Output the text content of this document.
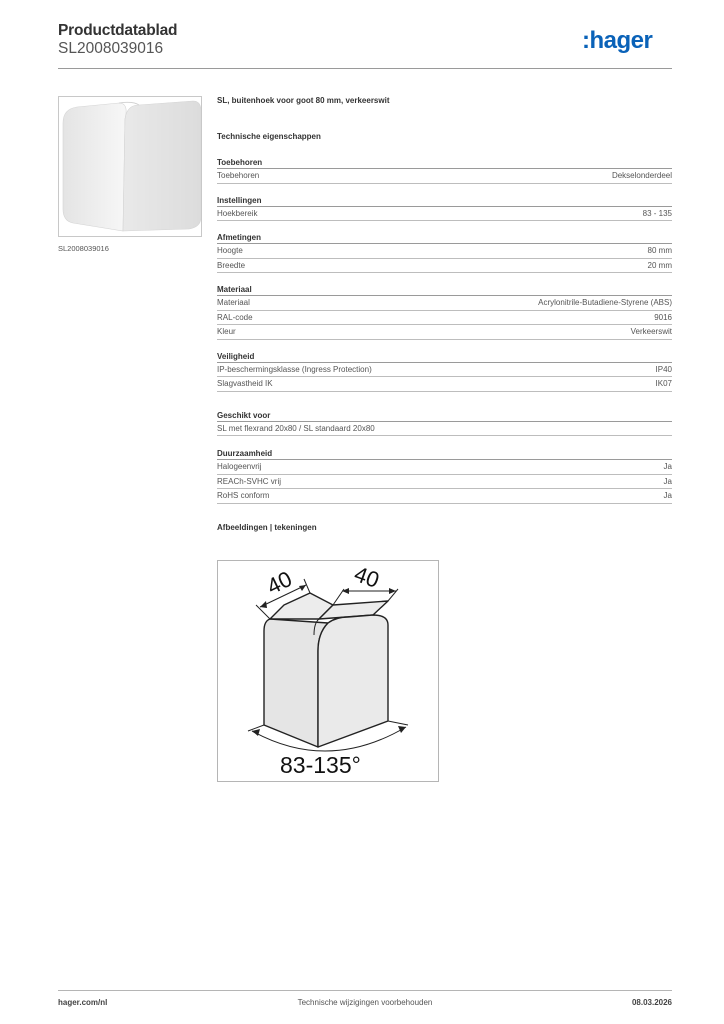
Productdatablad
SL2008039016	:hager
SL2008039016
SL, buitenhoek voor goot 80 mm, verkeerswit
Technische eigenschappen
Toebehoren
Toebehoren	Dekselonderdeel
Instellingen
Hoekbereik	83 - 135
Afmetingen
Hoogte	80 mm
Breedte	20 mm
Materiaal
Materiaal	Acrylonitrile-Butadiene-Styrene (ABS)
RAL-code	9016
Kleur	Verkeerswit
Veiligheid
IP-beschermingsklasse (Ingress Protection)	IP40
Slagvastheid IK	IK07
Geschikt voor
SL met flexrand 20x80 / SL standaard 20x80
Duurzaamheid
Halogeenvrij	Ja
REACh-SVHC vrij	Ja
RoHS conform	Ja
Afbeeldingen | tekeningen
40	40
83-135°
hager.com/nl	Technische wijzigingen voorbehouden	08.03.2026
